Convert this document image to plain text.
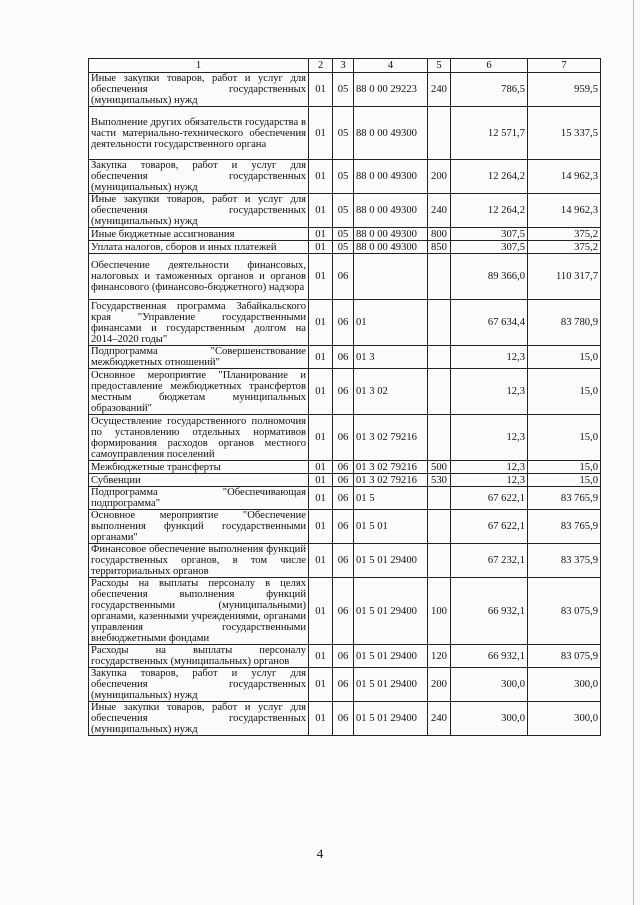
1	2	3	4	5	6	7
Иные закупки товаров, работ и услуг для обеспечения государственных (муниципальных) нужд	01	05	88 0 00 29223	240	786,5	959,5
Выполнение других обязательств государства в части материально-технического обеспечения деятельности государственного органа	01	05	88 0 00 49300		12 571,7	15 337,5
Закупка товаров, работ и услуг для обеспечения государственных (муниципальных) нужд	01	05	88 0 00 49300	200	12 264,2	14 962,3
Иные закупки товаров, работ и услуг для обеспечения государственных (муниципальных) нужд	01	05	88 0 00 49300	240	12 264,2	14 962,3
Иные бюджетные ассигнования	01	05	88 0 00 49300	800	307,5	375,2
Уплата налогов, сборов и иных платежей	01	05	88 0 00 49300	850	307,5	375,2
Обеспечение деятельности финансовых, налоговых и таможенных органов и органов финансового (финансово-бюджетного) надзора	01	06			89 366,0	110 317,7
Государственная программа Забайкальского края "Управление государственными финансами и государственным долгом на 2014–2020 годы"	01	06	01		67 634,4	83 780,9
Подпрограмма "Совершенствование межбюджетных отношений"	01	06	01 3		12,3	15,0
Основное мероприятие "Планирование и предоставление межбюджетных трансфертов местным бюджетам муниципальных образований"	01	06	01 3 02		12,3	15,0
Осуществление государственного полномочия по установлению отдельных нормативов формирования расходов органов местного самоуправления поселений	01	06	01 3 02 79216		12,3	15,0
Межбюджетные трансферты	01	06	01 3 02 79216	500	12,3	15,0
Субвенции	01	06	01 3 02 79216	530	12,3	15,0
Подпрограмма "Обеспечивающая подпрограмма"	01	06	01 5		67 622,1	83 765,9
Основное мероприятие "Обеспечение выполнения функций государственными органами"	01	06	01 5 01		67 622,1	83 765,9
Финансовое обеспечение выполнения функций государственных органов, в том числе территориальных органов	01	06	01 5 01 29400		67 232,1	83 375,9
Расходы на выплаты персоналу в целях обеспечения выполнения функций государственными (муниципальными) органами, казенными учреждениями, органами управления государственными внебюджетными фондами	01	06	01 5 01 29400	100	66 932,1	83 075,9
Расходы на выплаты персоналу государственных (муниципальных) органов	01	06	01 5 01 29400	120	66 932,1	83 075,9
Закупка товаров, работ и услуг для обеспечения государственных (муниципальных) нужд	01	06	01 5 01 29400	200	300,0	300,0
Иные закупки товаров, работ и услуг для обеспечения государственных (муниципальных) нужд	01	06	01 5 01 29400	240	300,0	300,0
4
